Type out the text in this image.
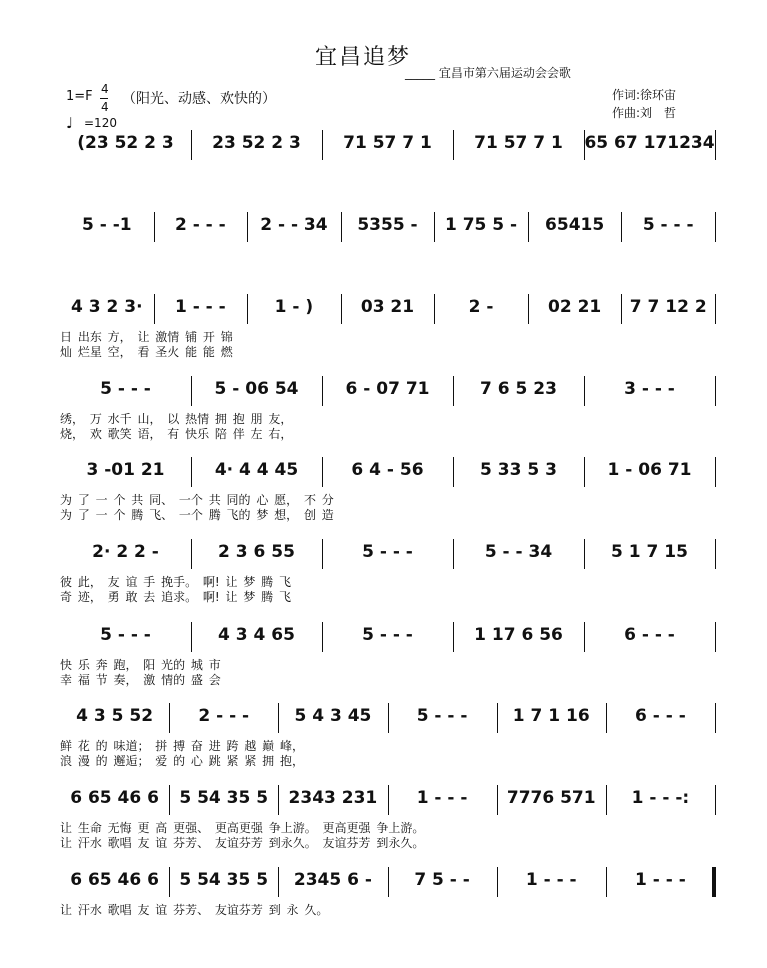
宜昌追梦
_____ 宜昌市第六届运动会会歌
1=F 4
4 （阳光、动感、欢快的）
♩ =120
作词:徐环宙
作曲:刘　哲
(23 52 2 3	23 52 2 3	71 57 7 1	71 57 7 1	65 67 171234
5 - -1	2 - - -	2 - - 34	5355 -	1 75 5 -	65415	5 - - -
4 3 2 3·	1 - - -	1 - )	03 21	2 -	02 21	7 7 12 2
日 出东 方， 让 激情 铺 开 锦
灿 烂星 空， 看 圣火 能 能 燃
5 - - -	5 - 06 54	6 - 07 71	7 6 5 23	3 - - -
绣， 万 水千 山， 以 热情 拥 抱 朋 友，
烧， 欢 歌笑 语， 有 快乐 陪 伴 左 右，
3 -01 21	4· 4 4 45	6 4 - 56	5 33 5 3	1 - 06 71
为 了 一 个 共 同、 一个 共 同的 心 愿， 不 分
为 了 一 个 腾 飞、 一个 腾 飞的 梦 想， 创 造
2· 2 2 -	2 3 6 55	5 - - -	5 - - 34	5 1 7 15
彼 此， 友 谊 手 挽手。 啊! 让 梦 腾 飞
奇 迹， 勇 敢 去 追求。 啊! 让 梦 腾 飞
5 - - -	4 3 4 65	5 - - -	1 17 6 56	6 - - -
快 乐 奔 跑， 阳 光的 城 市
幸 福 节 奏， 激 情的 盛 会
4 3 5 52	2 - - -	5 4 3 45	5 - - -	1 7 1 16	6 - - -
鲜 花 的 味道； 拼 搏 奋 进 跨 越 巅 峰，
浪 漫 的 邂逅； 爱 的 心 跳 紧 紧 拥 抱，
6 65 46 6	5 54 35 5	2343 231	1 - - -	7776 571	1 - - -:
让 生命 无悔 更 高 更强、 更高更强 争上游。 更高更强 争上游。
让 汗水 歌唱 友 谊 芬芳、 友谊芬芳 到永久。 友谊芬芳 到永久。
6 65 46 6	5 54 35 5	2345 6 -	7 5 - -	1 - - -	1 - - -
让 汗水 歌唱 友 谊 芬芳、 友谊芬芳 到 永 久。
